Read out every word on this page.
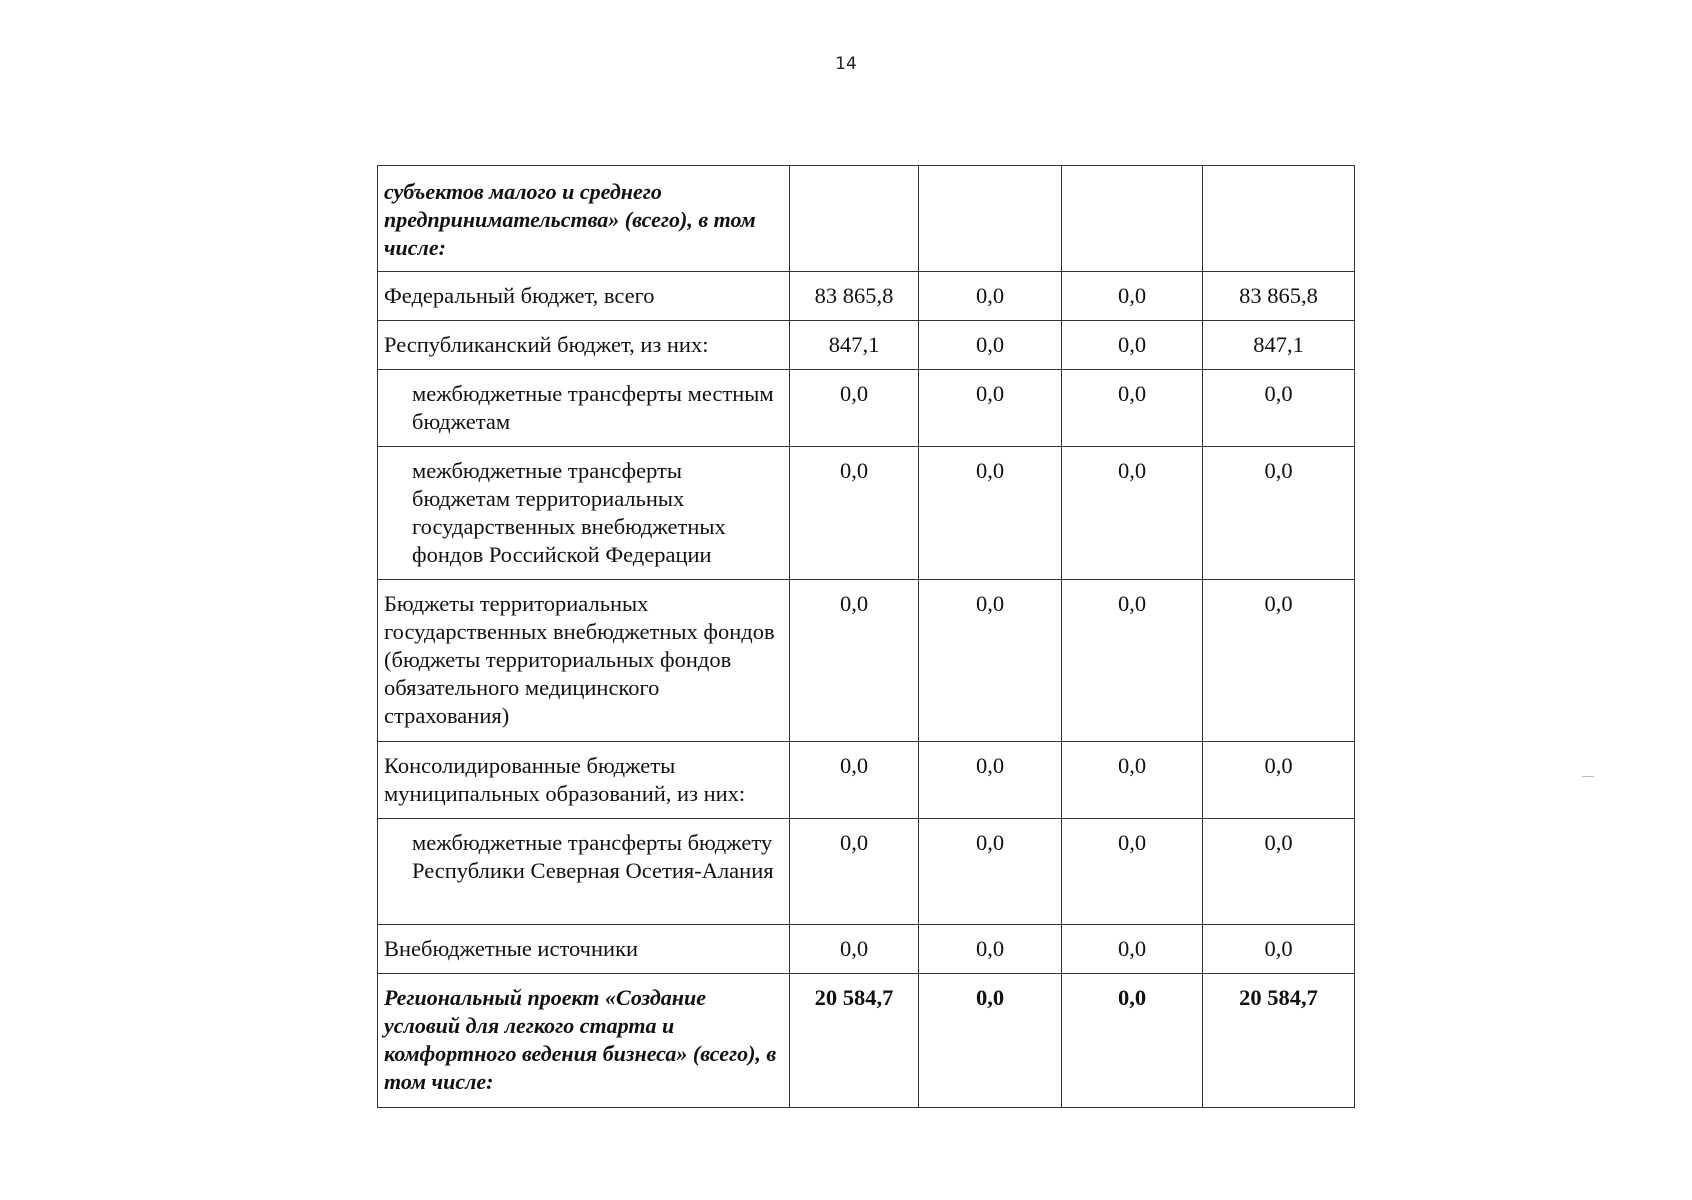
14
субъектов малого и среднего предпринимательства» (всего), в том числе:				
Федеральный бюджет, всего	83 865,8	0,0	0,0	83 865,8
Республиканский бюджет, из них:	847,1	0,0	0,0	847,1
межбюджетные трансферты местным бюджетам	0,0	0,0	0,0	0,0
межбюджетные трансферты бюджетам территориальных государственных внебюджетных фондов Российской Федерации	0,0	0,0	0,0	0,0
Бюджеты территориальных государственных внебюджетных фондов (бюджеты территориальных фондов обязательного медицинского страхования)	0,0	0,0	0,0	0,0
Консолидированные бюджеты муниципальных образований, из них:	0,0	0,0	0,0	0,0
межбюджетные трансферты бюджету Республики Северная Осетия-Алания	0,0	0,0	0,0	0,0
Внебюджетные источники	0,0	0,0	0,0	0,0
Региональный проект «Создание условий для легкого старта и комфортного ведения бизнеса» (всего), в том числе:	20 584,7	0,0	0,0	20 584,7
